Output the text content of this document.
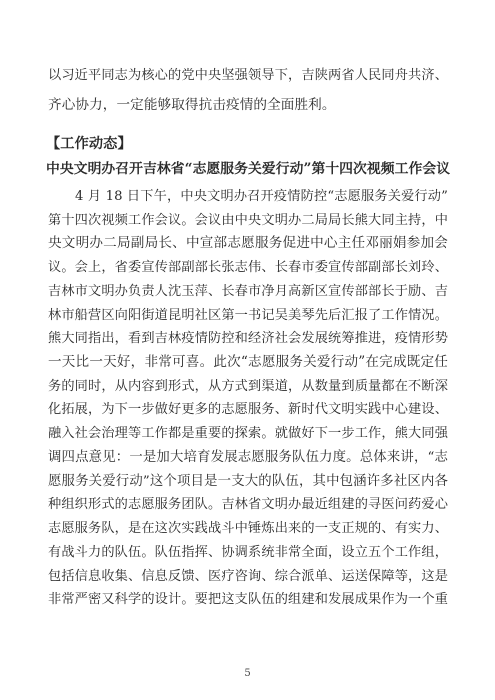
以习近平同志为核心的党中央坚强领导下，吉陕两省人民同舟共济、
齐心协力，一定能够取得抗击疫情的全面胜利。
【工作动态】
中央文明办召开吉林省“志愿服务关爱行动”第十四次视频工作会议
4 月 18 日下午，中央文明办召开疫情防控“志愿服务关爱行动”
第十四次视频工作会议。会议由中央文明办二局局长熊大同主持，中
央文明办二局副局长、中宣部志愿服务促进中心主任邓丽娟参加会
议。会上，省委宣传部副部长张志伟、长春市委宣传部副部长刘玲、
吉林市文明办负责人沈玉萍、长春市净月高新区宣传部部长于励、吉
林市船营区向阳街道昆明社区第一书记吴美琴先后汇报了工作情况。
熊大同指出，看到吉林疫情防控和经济社会发展统筹推进，疫情形势
一天比一天好，非常可喜。此次“志愿服务关爱行动”在完成既定任
务的同时，从内容到形式，从方式到渠道，从数量到质量都在不断深
化拓展，为下一步做好更多的志愿服务、新时代文明实践中心建设、
融入社会治理等工作都是重要的探索。就做好下一步工作，熊大同强
调四点意见：一是加大培育发展志愿服务队伍力度。总体来讲，“志
愿服务关爱行动”这个项目是一支大的队伍，其中包涵许多社区内各
种组织形式的志愿服务团队。吉林省文明办最近组建的寻医问药爱心
志愿服务队，是在这次实践战斗中锤炼出来的一支正规的、有实力、
有战斗力的队伍。队伍指挥、协调系统非常全面，设立五个工作组，
包括信息收集、信息反馈、医疗咨询、综合派单、运送保障等，这是
非常严密又科学的设计。要把这支队伍的组建和发展成果作为一个重
5
